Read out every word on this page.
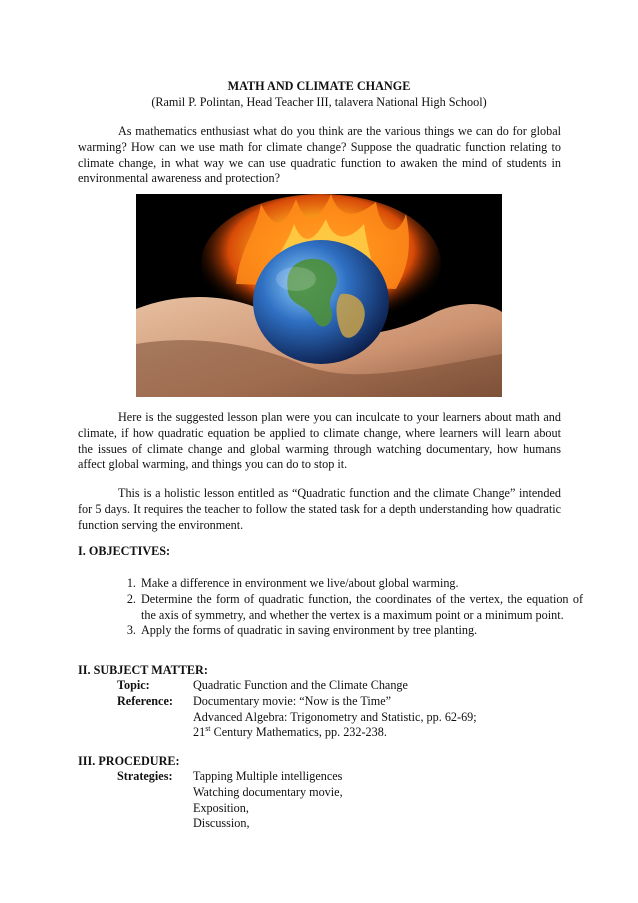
MATH AND CLIMATE CHANGE
(Ramil P. Polintan, Head Teacher III, talavera National High School)

As mathematics enthusiast what do you think are the various things we can do for global warming? How can we use math for climate change? Suppose the quadratic function relating to climate change, in what way we can use quadratic function to awaken the mind of students in environmental awareness and protection?

Here is the suggested lesson plan were you can inculcate to your learners about math and climate, if how quadratic equation be applied to climate change, where learners will learn about the issues of climate change and global warming through watching documentary, how humans affect global warming, and things you can do to stop it.

This is a holistic lesson entitled as “Quadratic function and the climate Change” intended for 5 days. It requires the teacher to follow the stated task for a depth understanding how quadratic function serving the environment.

I. OBJECTIVES:
1. Make a difference in environment we live/about global warming.
2. Determine the form of quadratic function, the coordinates of the vertex, the equation of the axis of symmetry, and whether the vertex is a maximum point or a minimum point.
3. Apply the forms of quadratic in saving environment by tree planting.
II. SUBJECT MATTER:
Topic:	Quadratic Function and the Climate Change
Reference:	Documentary movie: “Now is the Time”
Advanced Algebra: Trigonometry and Statistic, pp. 62-69;
21st Century Mathematics, pp. 232-238.
III. PROCEDURE:
Strategies:	Tapping Multiple intelligences
Watching documentary movie,
Exposition,
Discussion,
